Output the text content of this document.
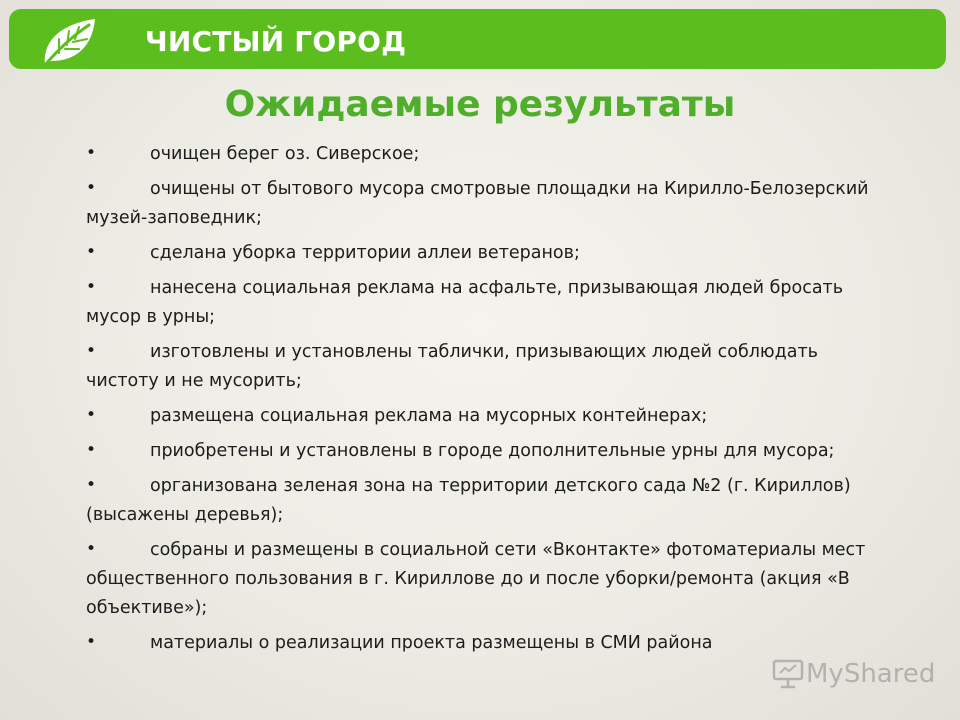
ЧИСТЫЙ ГОРОД
Ожидаемые результаты
•	очищен берег оз. Сиверское;
•	очищены от бытового мусора смотровые площадки на Кирилло-Белозерский музей-заповедник;
•	сделана уборка территории аллеи ветеранов;
•	нанесена социальная реклама на асфальте, призывающая людей бросать мусор в урны;
•	изготовлены и установлены таблички, призывающих людей соблюдать чистоту и не мусорить;
•	размещена социальная реклама на мусорных контейнерах;
•	приобретены и установлены в городе дополнительные урны для мусора;
•	организована зеленая зона на территории детского сада №2 (г. Кириллов) (высажены деревья);
•	собраны и размещены в социальной сети «Вконтакте» фотоматериалы мест общественного пользования в г. Кириллове до и после уборки/ремонта (акция «В объективе»);
•	материалы о реализации проекта размещены в СМИ района
MyShared
